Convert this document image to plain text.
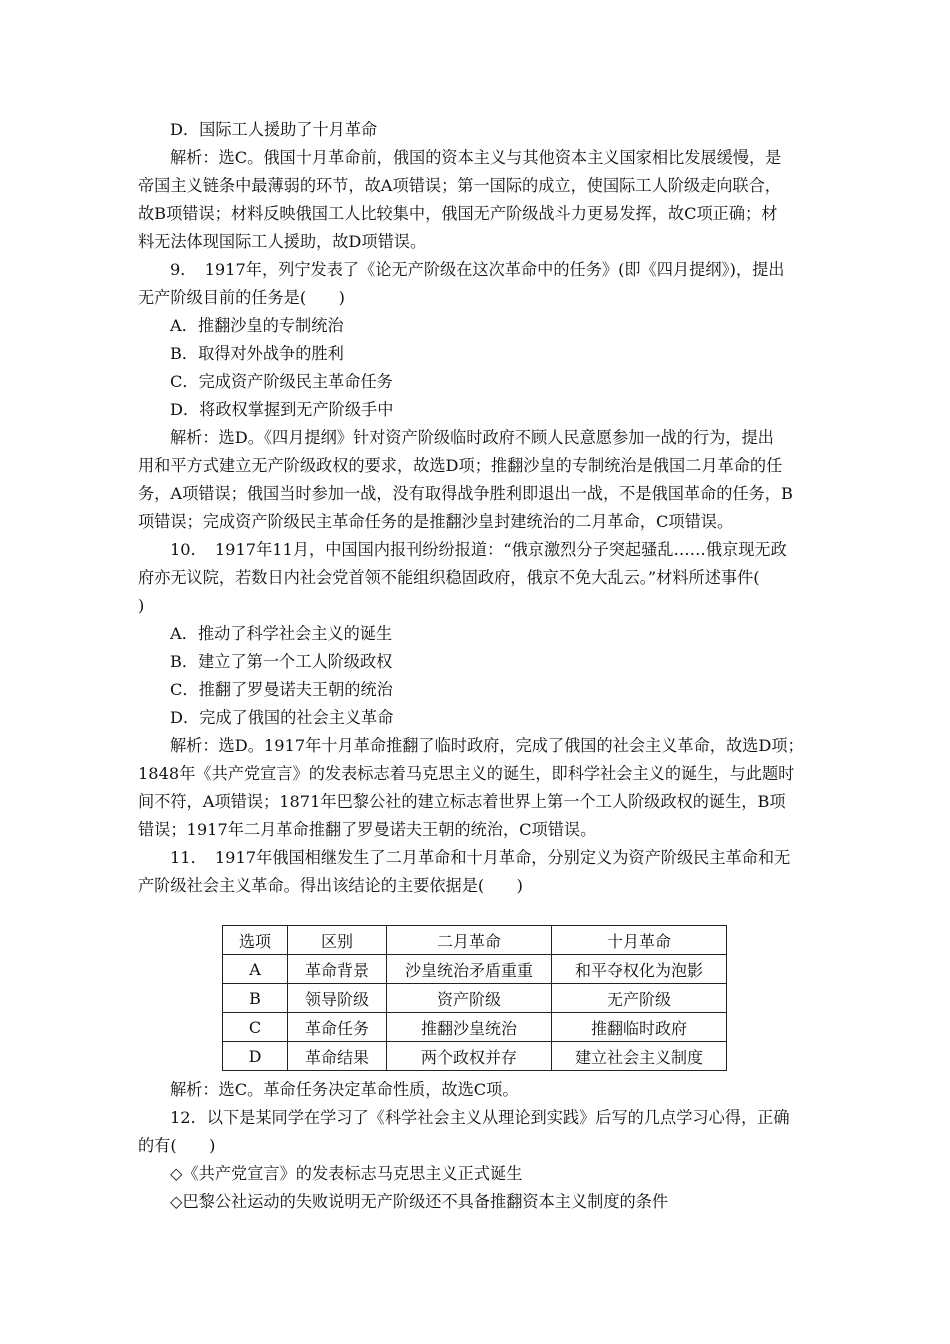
D．国际工人援助了十月革命
解析：选C。俄国十月革命前，俄国的资本主义与其他资本主义国家相比发展缓慢，是
帝国主义链条中最薄弱的环节，故A项错误；第一国际的成立，使国际工人阶级走向联合，
故B项错误；材料反映俄国工人比较集中，俄国无产阶级战斗力更易发挥，故C项正确；材
料无法体现国际工人援助，故D项错误。
9．　1917年，列宁发表了《论无产阶级在这次革命中的任务》(即《四月提纲》)，提出
无产阶级目前的任务是(　　)
A．推翻沙皇的专制统治
B．取得对外战争的胜利
C．完成资产阶级民主革命任务
D．将政权掌握到无产阶级手中
解析：选D。《四月提纲》针对资产阶级临时政府不顾人民意愿参加一战的行为，提出
用和平方式建立无产阶级政权的要求，故选D项；推翻沙皇的专制统治是俄国二月革命的任
务，A项错误；俄国当时参加一战，没有取得战争胜利即退出一战，不是俄国革命的任务，B
项错误；完成资产阶级民主革命任务的是推翻沙皇封建统治的二月革命，C项错误。
10．　1917年11月，中国国内报刊纷纷报道：“俄京激烈分子突起骚乱……俄京现无政
府亦无议院，若数日内社会党首领不能组织稳固政府，俄京不免大乱云。”材料所述事件(
)
A．推动了科学社会主义的诞生
B．建立了第一个工人阶级政权
C．推翻了罗曼诺夫王朝的统治
D．完成了俄国的社会主义革命
解析：选D。1917年十月革命推翻了临时政府，完成了俄国的社会主义革命，故选D项；
1848年《共产党宣言》的发表标志着马克思主义的诞生，即科学社会主义的诞生，与此题时
间不符，A项错误；1871年巴黎公社的建立标志着世界上第一个工人阶级政权的诞生，B项
错误；1917年二月革命推翻了罗曼诺夫王朝的统治，C项错误。
11．　1917年俄国相继发生了二月革命和十月革命，分别定义为资产阶级民主革命和无
产阶级社会主义革命。得出该结论的主要依据是(　　)
选项	区别	二月革命	十月革命
A	革命背景	沙皇统治矛盾重重	和平夺权化为泡影
B	领导阶级	资产阶级	无产阶级
C	革命任务	推翻沙皇统治	推翻临时政府
D	革命结果	两个政权并存	建立社会主义制度
解析：选C。革命任务决定革命性质，故选C项。
12．以下是某同学在学习了《科学社会主义从理论到实践》后写的几点学习心得，正确
的有(　　)
◇《共产党宣言》的发表标志马克思主义正式诞生
◇巴黎公社运动的失败说明无产阶级还不具备推翻资本主义制度的条件
